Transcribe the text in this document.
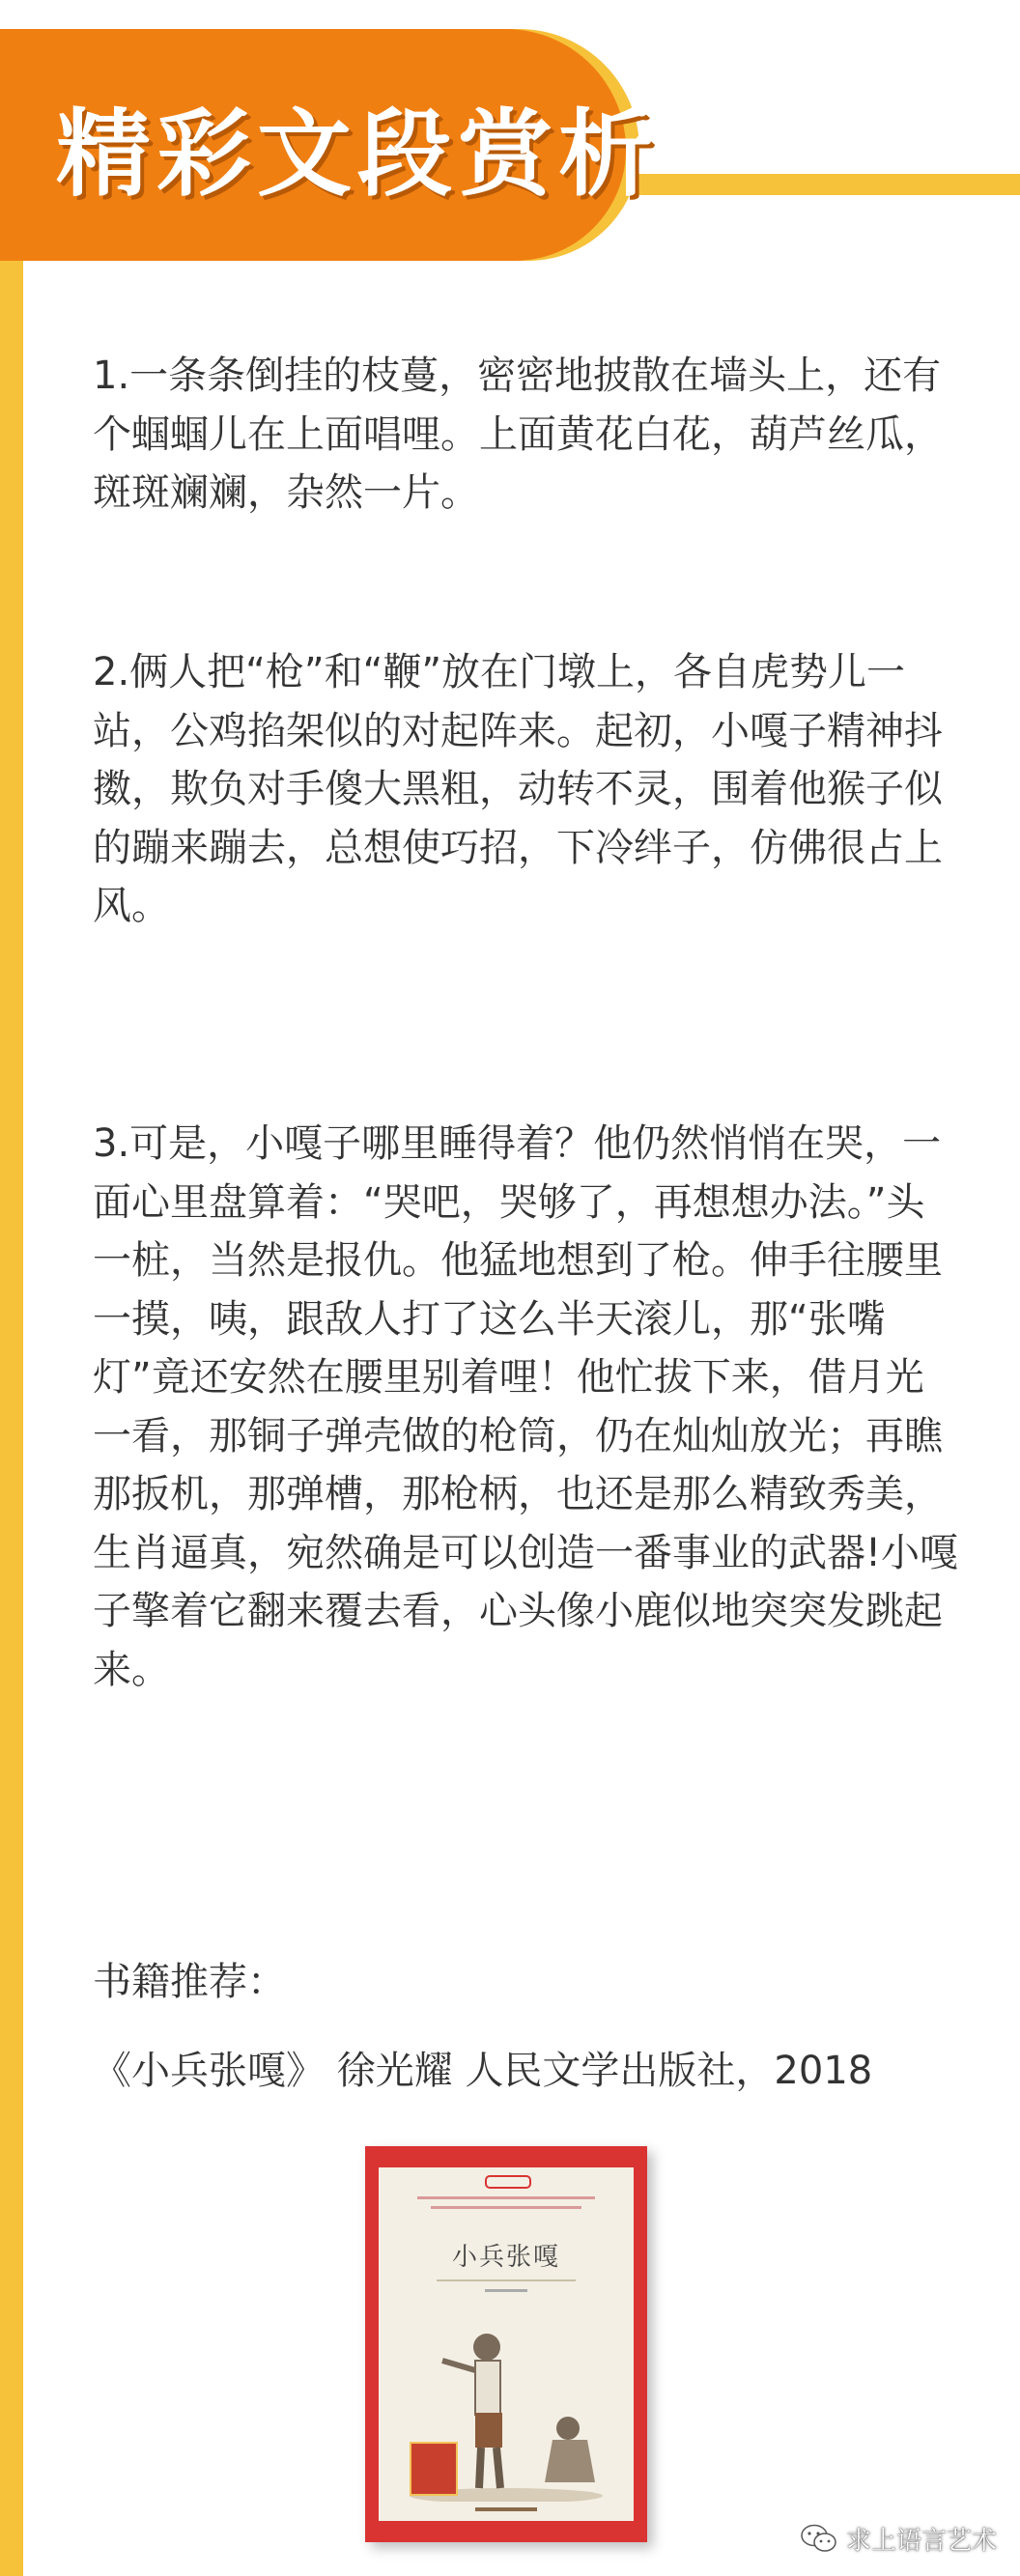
精彩文段赏析

1.一条条倒挂的枝蔓，密密地披散在墙头上，还有个蝈蝈儿在上面唱哩。上面黄花白花，葫芦丝瓜，斑斑斓斓，杂然一片。

2.俩人把“枪”和“鞭”放在门墩上，各自虎势儿一站，公鸡掐架似的对起阵来。起初，小嘎子精神抖擞，欺负对手傻大黑粗，动转不灵，围着他猴子似的蹦来蹦去，总想使巧招，下冷绊子，仿佛很占上风。

3.可是，小嘎子哪里睡得着？他仍然悄悄在哭，一面心里盘算着：“哭吧，哭够了，再想想办法。”头一桩，当然是报仇。他猛地想到了枪。伸手往腰里一摸，咦，跟敌人打了这么半天滚儿，那“张嘴灯”竟还安然在腰里别着哩！他忙拔下来，借月光一看，那铜子弹壳做的枪筒，仍在灿灿放光；再瞧那扳机，那弹槽，那枪柄，也还是那么精致秀美，生肖逼真，宛然确是可以创造一番事业的武器!小嘎子擎着它翻来覆去看，心头像小鹿似地突突发跳起来。

书籍推荐：

《小兵张嘎》 徐光耀 人民文学出版社，2018

小兵张嘎
求上语言艺术
